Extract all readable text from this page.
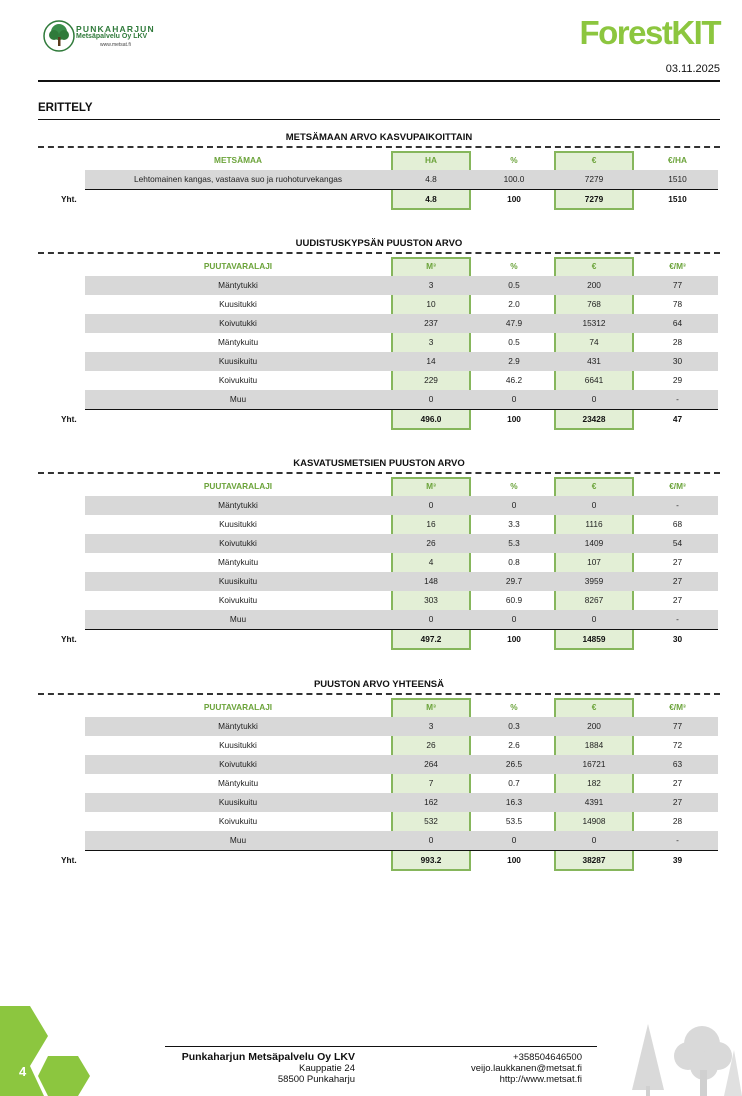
PUNKAHARJUN
Metsäpalvelu Oy LKV
www.metsat.fi	ForestKIT
03.11.2025
ERITTELY
METSÄMAAN ARVO KASVUPAIKOITTAIN
METSÄMAA	HA	%	€	€/HA
Lehtomainen kangas, vastaava suo ja ruohoturvekangas	4.8	100.0	7279	1510
Yht.	4.8	100	7279	1510
UUDISTUSKYPSÄN PUUSTON ARVO
PUUTAVARALAJI	M³	%	€	€/M³
Mäntytukki	3	0.5	200	77
Kuusitukki	10	2.0	768	78
Koivutukki	237	47.9	15312	64
Mäntykuitu	3	0.5	74	28
Kuusikuitu	14	2.9	431	30
Koivukuitu	229	46.2	6641	29
Muu	0	0	0	-
Yht.	496.0	100	23428	47
KASVATUSMETSIEN PUUSTON ARVO
PUUTAVARALAJI	M³	%	€	€/M³
Mäntytukki	0	0	0	-
Kuusitukki	16	3.3	1116	68
Koivutukki	26	5.3	1409	54
Mäntykuitu	4	0.8	107	27
Kuusikuitu	148	29.7	3959	27
Koivukuitu	303	60.9	8267	27
Muu	0	0	0	-
Yht.	497.2	100	14859	30
PUUSTON ARVO YHTEENSÄ
PUUTAVARALAJI	M³	%	€	€/M³
Mäntytukki	3	0.3	200	77
Kuusitukki	26	2.6	1884	72
Koivutukki	264	26.5	16721	63
Mäntykuitu	7	0.7	182	27
Kuusikuitu	162	16.3	4391	27
Koivukuitu	532	53.5	14908	28
Muu	0	0	0	-
Yht.	993.2	100	38287	39
4
Punkaharjun Metsäpalvelu Oy LKV
Kauppatie 24
58500 Punkaharju
+358504646500
veijo.laukkanen@metsat.fi
http://www.metsat.fi
